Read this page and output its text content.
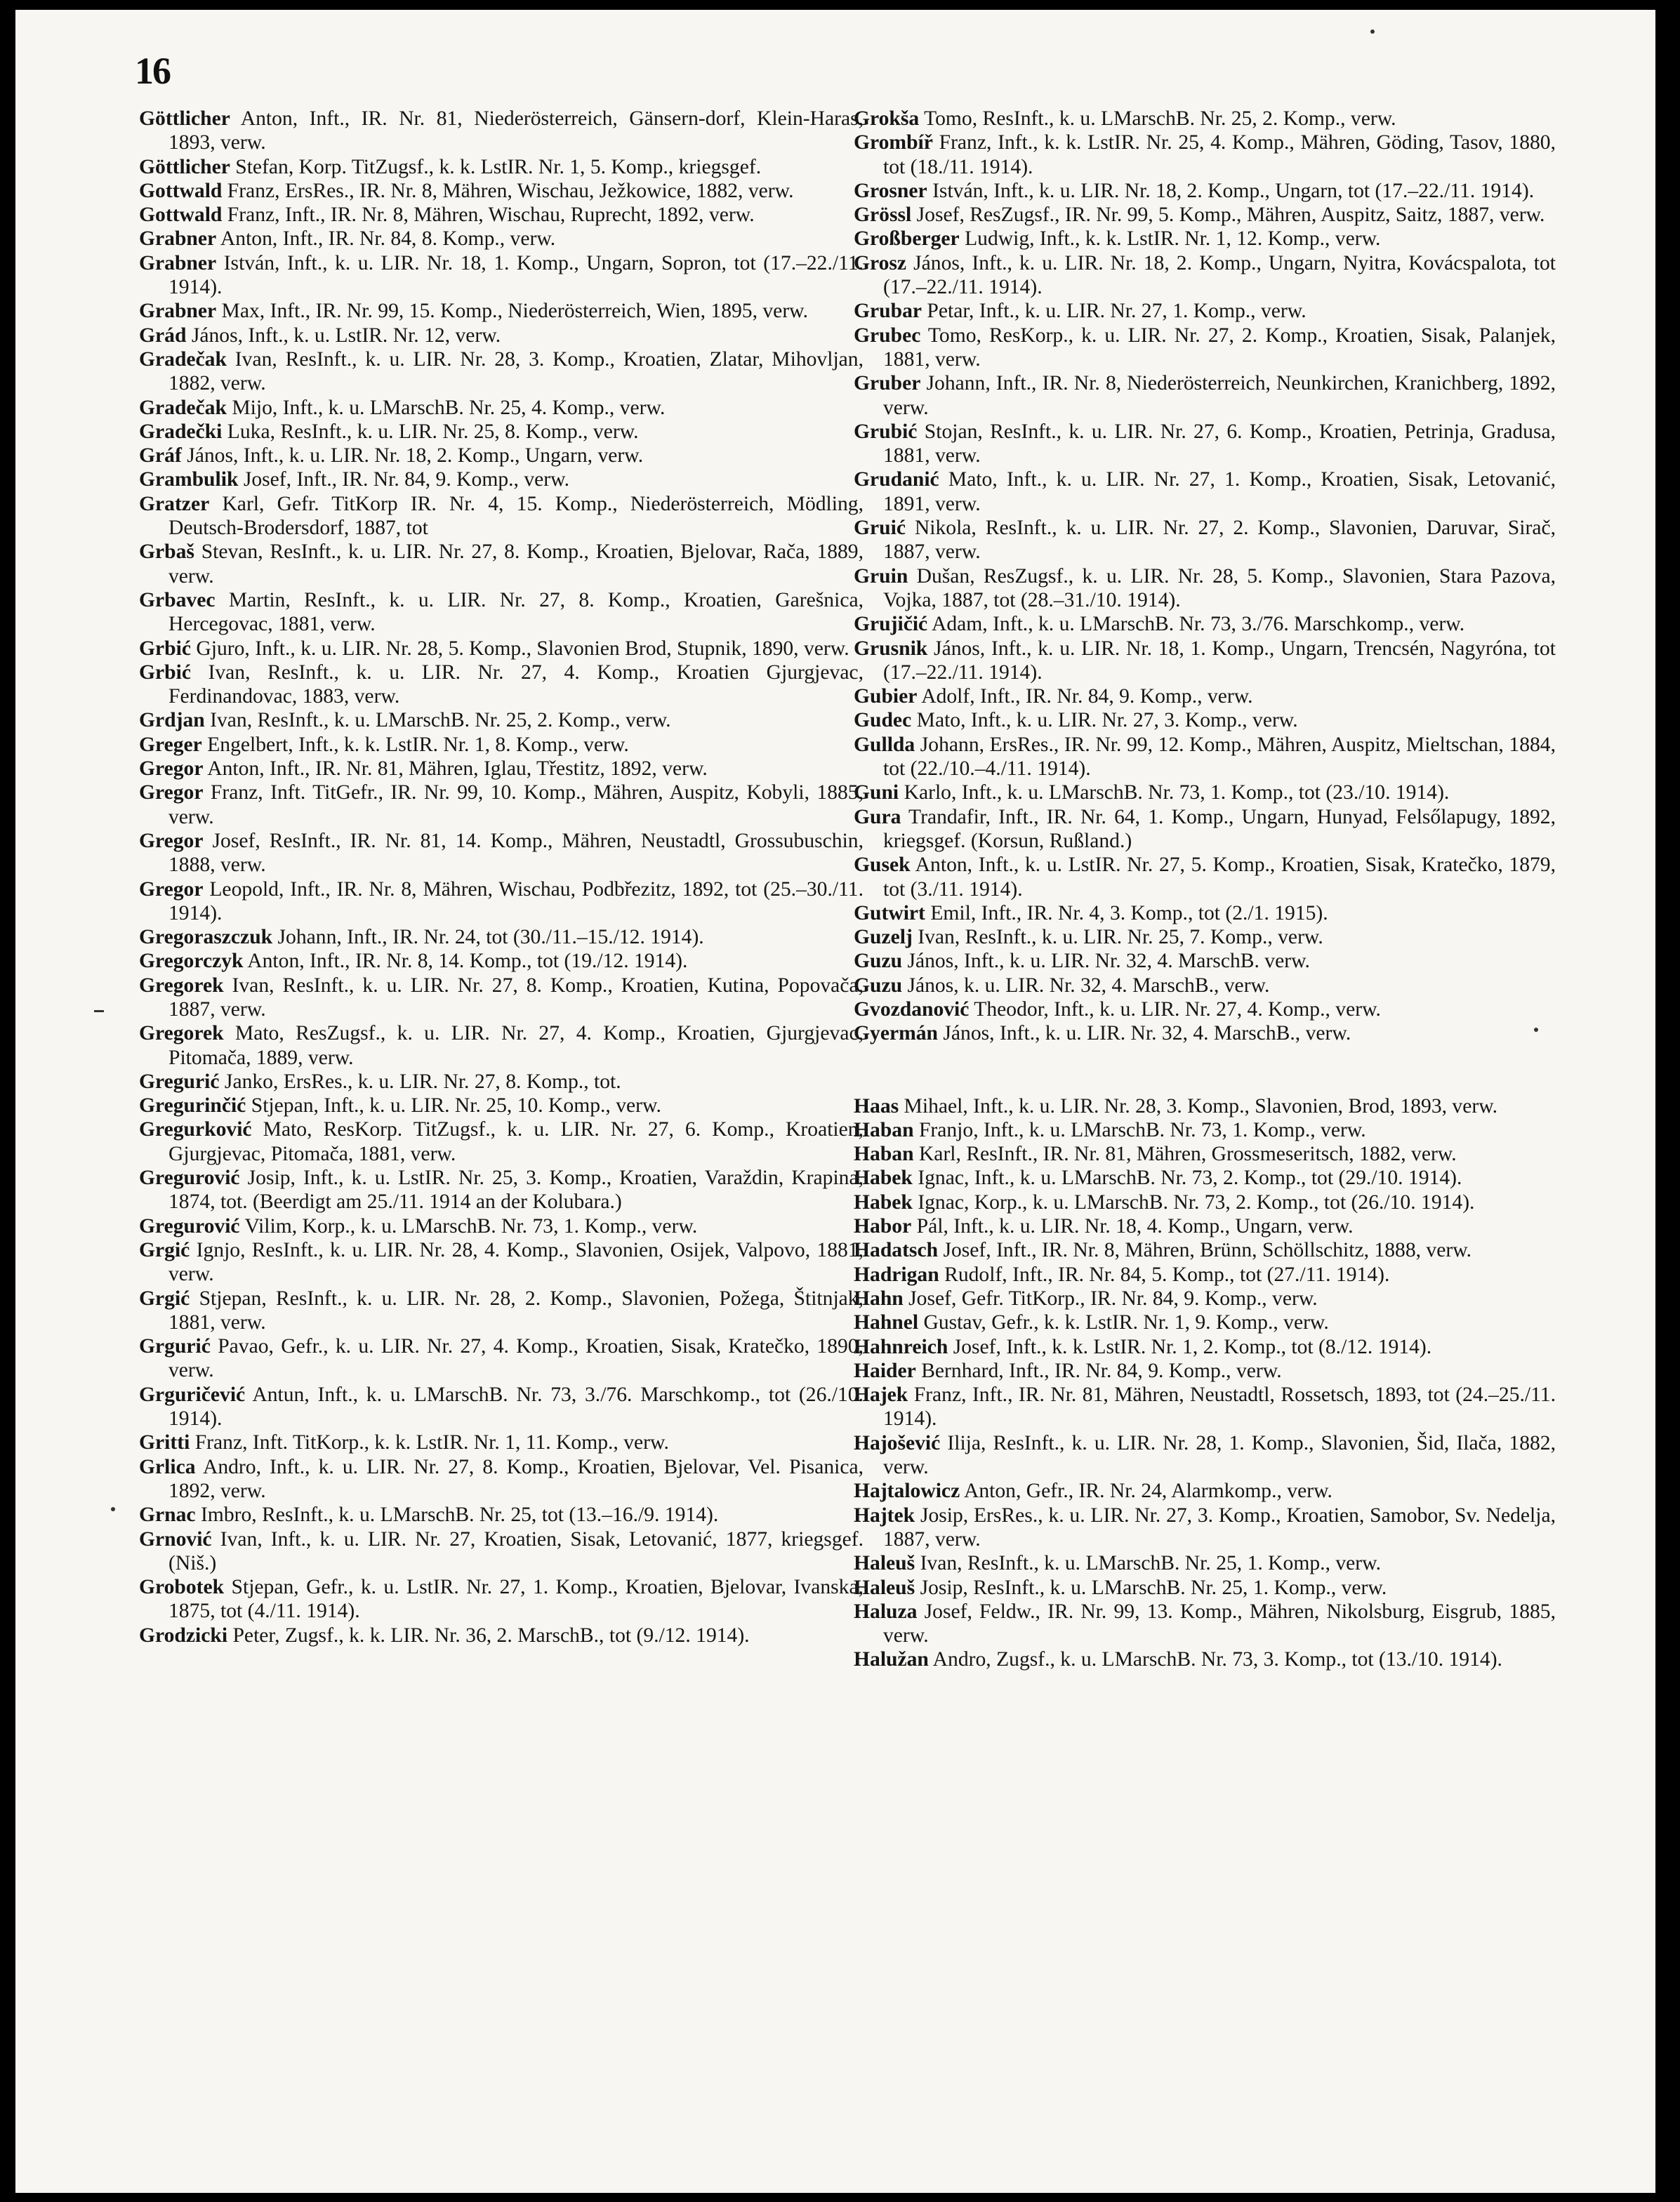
16

Göttlicher Anton, Inft., IR. Nr. 81, Niederösterreich, Gänsern-dorf, Klein-Haras, 1893, verw.

Göttlicher Stefan, Korp. TitZugsf., k. k. LstIR. Nr. 1, 5. Komp., kriegsgef.

Gottwald Franz, ErsRes., IR. Nr. 8, Mähren, Wischau, Ježkowice, 1882, verw.

Gottwald Franz, Inft., IR. Nr. 8, Mähren, Wischau, Ruprecht, 1892, verw.

Grabner Anton, Inft., IR. Nr. 84, 8. Komp., verw.

Grabner István, Inft., k. u. LIR. Nr. 18, 1. Komp., Ungarn, Sopron, tot (17.–22./11. 1914).

Grabner Max, Inft., IR. Nr. 99, 15. Komp., Niederösterreich, Wien, 1895, verw.

Grád János, Inft., k. u. LstIR. Nr. 12, verw.

Gradečak Ivan, ResInft., k. u. LIR. Nr. 28, 3. Komp., Kroatien, Zlatar, Mihovljan, 1882, verw.

Gradečak Mijo, Inft., k. u. LMarschB. Nr. 25, 4. Komp., verw.

Gradečki Luka, ResInft., k. u. LIR. Nr. 25, 8. Komp., verw.

Gráf János, Inft., k. u. LIR. Nr. 18, 2. Komp., Ungarn, verw.

Grambulik Josef, Inft., IR. Nr. 84, 9. Komp., verw.

Gratzer Karl, Gefr. TitKorp IR. Nr. 4, 15. Komp., Niederösterreich, Mödling, Deutsch-Brodersdorf, 1887, tot

Grbaš Stevan, ResInft., k. u. LIR. Nr. 27, 8. Komp., Kroatien, Bjelovar, Rača, 1889, verw.

Grbavec Martin, ResInft., k. u. LIR. Nr. 27, 8. Komp., Kroatien, Garešnica, Hercegovac, 1881, verw.

Grbić Gjuro, Inft., k. u. LIR. Nr. 28, 5. Komp., Slavonien Brod, Stupnik, 1890, verw.

Grbić Ivan, ResInft., k. u. LIR. Nr. 27, 4. Komp., Kroatien Gjurgjevac, Ferdinandovac, 1883, verw.

Grdjan Ivan, ResInft., k. u. LMarschB. Nr. 25, 2. Komp., verw.

Greger Engelbert, Inft., k. k. LstIR. Nr. 1, 8. Komp., verw.

Gregor Anton, Inft., IR. Nr. 81, Mähren, Iglau, Třestitz, 1892, verw.

Gregor Franz, Inft. TitGefr., IR. Nr. 99, 10. Komp., Mähren, Auspitz, Kobyli, 1885, verw.

Gregor Josef, ResInft., IR. Nr. 81, 14. Komp., Mähren, Neustadtl, Grossubuschin, 1888, verw.

Gregor Leopold, Inft., IR. Nr. 8, Mähren, Wischau, Podbřezitz, 1892, tot (25.–30./11. 1914).

Gregoraszczuk Johann, Inft., IR. Nr. 24, tot (30./11.–15./12. 1914).

Gregorczyk Anton, Inft., IR. Nr. 8, 14. Komp., tot (19./12. 1914).

Gregorek Ivan, ResInft., k. u. LIR. Nr. 27, 8. Komp., Kroatien, Kutina, Popovača, 1887, verw.

Gregorek Mato, ResZugsf., k. u. LIR. Nr. 27, 4. Komp., Kroatien, Gjurgjevac, Pitomača, 1889, verw.

Gregurić Janko, ErsRes., k. u. LIR. Nr. 27, 8. Komp., tot.

Gregurinčić Stjepan, Inft., k. u. LIR. Nr. 25, 10. Komp., verw.

Gregurković Mato, ResKorp. TitZugsf., k. u. LIR. Nr. 27, 6. Komp., Kroatien, Gjurgjevac, Pitomača, 1881, verw.

Gregurović Josip, Inft., k. u. LstIR. Nr. 25, 3. Komp., Kroatien, Varaždin, Krapina, 1874, tot. (Beerdigt am 25./11. 1914 an der Kolubara.)

Gregurović Vilim, Korp., k. u. LMarschB. Nr. 73, 1. Komp., verw.

Grgić Ignjo, ResInft., k. u. LIR. Nr. 28, 4. Komp., Slavonien, Osijek, Valpovo, 1881, verw.

Grgić Stjepan, ResInft., k. u. LIR. Nr. 28, 2. Komp., Slavonien, Požega, Štitnjak, 1881, verw.

Grgurić Pavao, Gefr., k. u. LIR. Nr. 27, 4. Komp., Kroatien, Sisak, Kratečko, 1890, verw.

Grguričević Antun, Inft., k. u. LMarschB. Nr. 73, 3./76. Marschkomp., tot (26./10. 1914).

Gritti Franz, Inft. TitKorp., k. k. LstIR. Nr. 1, 11. Komp., verw.

Grlica Andro, Inft., k. u. LIR. Nr. 27, 8. Komp., Kroatien, Bjelovar, Vel. Pisanica, 1892, verw.

Grnac Imbro, ResInft., k. u. LMarschB. Nr. 25, tot (13.–16./9. 1914).

Grnović Ivan, Inft., k. u. LIR. Nr. 27, Kroatien, Sisak, Letovanić, 1877, kriegsgef. (Niš.)

Grobotek Stjepan, Gefr., k. u. LstIR. Nr. 27, 1. Komp., Kroatien, Bjelovar, Ivanska, 1875, tot (4./11. 1914).

Grodzicki Peter, Zugsf., k. k. LIR. Nr. 36, 2. MarschB., tot (9./12. 1914).

Grokša Tomo, ResInft., k. u. LMarschB. Nr. 25, 2. Komp., verw.

Grombíř Franz, Inft., k. k. LstIR. Nr. 25, 4. Komp., Mähren, Göding, Tasov, 1880, tot (18./11. 1914).

Grosner István, Inft., k. u. LIR. Nr. 18, 2. Komp., Ungarn, tot (17.–22./11. 1914).

Grössl Josef, ResZugsf., IR. Nr. 99, 5. Komp., Mähren, Auspitz, Saitz, 1887, verw.

Großberger Ludwig, Inft., k. k. LstIR. Nr. 1, 12. Komp., verw.

Grosz János, Inft., k. u. LIR. Nr. 18, 2. Komp., Ungarn, Nyitra, Kovácspalota, tot (17.–22./11. 1914).

Grubar Petar, Inft., k. u. LIR. Nr. 27, 1. Komp., verw.

Grubec Tomo, ResKorp., k. u. LIR. Nr. 27, 2. Komp., Kroatien, Sisak, Palanjek, 1881, verw.

Gruber Johann, Inft., IR. Nr. 8, Niederösterreich, Neunkirchen, Kranichberg, 1892, verw.

Grubić Stojan, ResInft., k. u. LIR. Nr. 27, 6. Komp., Kroatien, Petrinja, Gradusa, 1881, verw.

Grudanić Mato, Inft., k. u. LIR. Nr. 27, 1. Komp., Kroatien, Sisak, Letovanić, 1891, verw.

Gruić Nikola, ResInft., k. u. LIR. Nr. 27, 2. Komp., Slavonien, Daruvar, Sirač, 1887, verw.

Gruin Dušan, ResZugsf., k. u. LIR. Nr. 28, 5. Komp., Slavonien, Stara Pazova, Vojka, 1887, tot (28.–31./10. 1914).

Grujičić Adam, Inft., k. u. LMarschB. Nr. 73, 3./76. Marschkomp., verw.

Grusnik János, Inft., k. u. LIR. Nr. 18, 1. Komp., Ungarn, Trencsén, Nagyróna, tot (17.–22./11. 1914).

Gubier Adolf, Inft., IR. Nr. 84, 9. Komp., verw.

Gudec Mato, Inft., k. u. LIR. Nr. 27, 3. Komp., verw.

Gullda Johann, ErsRes., IR. Nr. 99, 12. Komp., Mähren, Auspitz, Mieltschan, 1884, tot (22./10.–4./11. 1914).

Guni Karlo, Inft., k. u. LMarschB. Nr. 73, 1. Komp., tot (23./10. 1914).

Gura Trandafir, Inft., IR. Nr. 64, 1. Komp., Ungarn, Hunyad, Felsőlapugy, 1892, kriegsgef. (Korsun, Rußland.)

Gusek Anton, Inft., k. u. LstIR. Nr. 27, 5. Komp., Kroatien, Sisak, Kratečko, 1879, tot (3./11. 1914).

Gutwirt Emil, Inft., IR. Nr. 4, 3. Komp., tot (2./1. 1915).

Guzelj Ivan, ResInft., k. u. LIR. Nr. 25, 7. Komp., verw.

Guzu János, Inft., k. u. LIR. Nr. 32, 4. MarschB. verw.

Guzu János, k. u. LIR. Nr. 32, 4. MarschB., verw.

Gvozdanović Theodor, Inft., k. u. LIR. Nr. 27, 4. Komp., verw.

Gyermán János, Inft., k. u. LIR. Nr. 32, 4. MarschB., verw.

Haas Mihael, Inft., k. u. LIR. Nr. 28, 3. Komp., Slavonien, Brod, 1893, verw.

Haban Franjo, Inft., k. u. LMarschB. Nr. 73, 1. Komp., verw.

Haban Karl, ResInft., IR. Nr. 81, Mähren, Grossmeseritsch, 1882, verw.

Habek Ignac, Inft., k. u. LMarschB. Nr. 73, 2. Komp., tot (29./10. 1914).

Habek Ignac, Korp., k. u. LMarschB. Nr. 73, 2. Komp., tot (26./10. 1914).

Habor Pál, Inft., k. u. LIR. Nr. 18, 4. Komp., Ungarn, verw.

Hadatsch Josef, Inft., IR. Nr. 8, Mähren, Brünn, Schöllschitz, 1888, verw.

Hadrigan Rudolf, Inft., IR. Nr. 84, 5. Komp., tot (27./11. 1914).

Hahn Josef, Gefr. TitKorp., IR. Nr. 84, 9. Komp., verw.

Hahnel Gustav, Gefr., k. k. LstIR. Nr. 1, 9. Komp., verw.

Hahnreich Josef, Inft., k. k. LstIR. Nr. 1, 2. Komp., tot (8./12. 1914).

Haider Bernhard, Inft., IR. Nr. 84, 9. Komp., verw.

Hajek Franz, Inft., IR. Nr. 81, Mähren, Neustadtl, Rossetsch, 1893, tot (24.–25./11. 1914).

Hajošević Ilija, ResInft., k. u. LIR. Nr. 28, 1. Komp., Slavonien, Šid, Ilača, 1882, verw.

Hajtalowicz Anton, Gefr., IR. Nr. 24, Alarmkomp., verw.

Hajtek Josip, ErsRes., k. u. LIR. Nr. 27, 3. Komp., Kroatien, Samobor, Sv. Nedelja, 1887, verw.

Haleuš Ivan, ResInft., k. u. LMarschB. Nr. 25, 1. Komp., verw.

Haleuš Josip, ResInft., k. u. LMarschB. Nr. 25, 1. Komp., verw.

Haluza Josef, Feldw., IR. Nr. 99, 13. Komp., Mähren, Nikolsburg, Eisgrub, 1885, verw.

Halužan Andro, Zugsf., k. u. LMarschB. Nr. 73, 3. Komp., tot (13./10. 1914).
